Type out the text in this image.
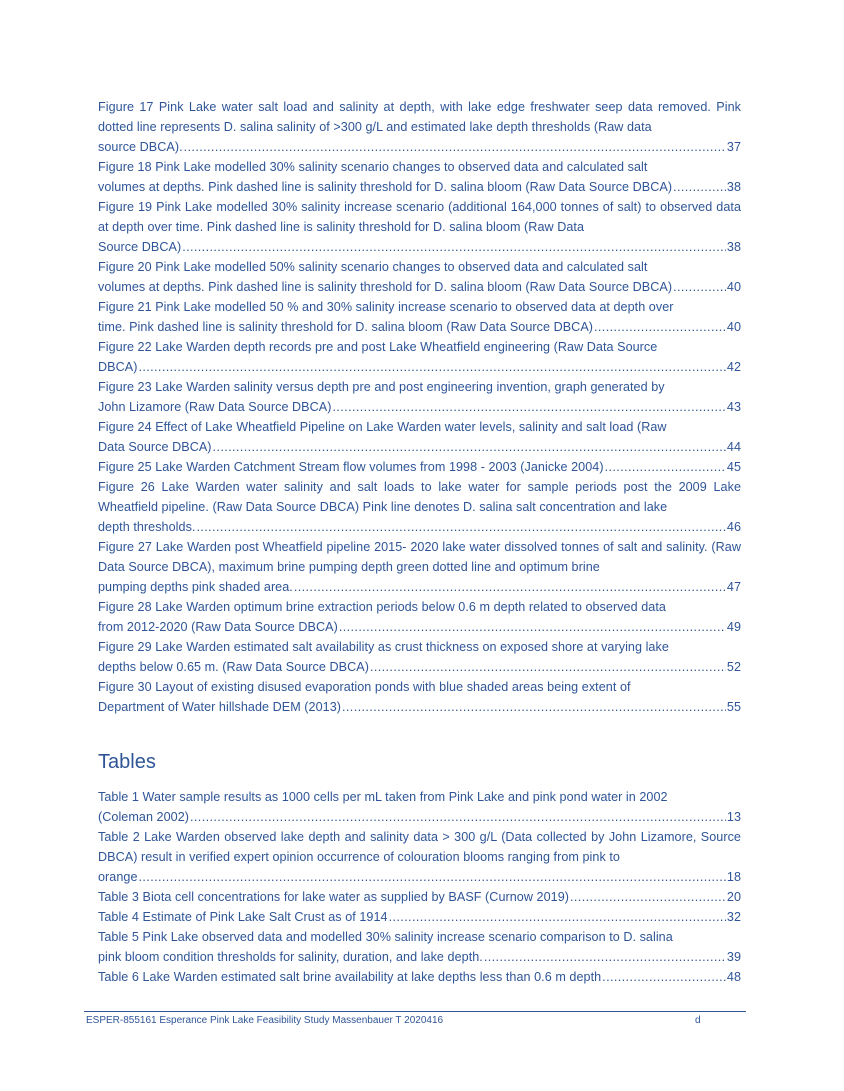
Figure 17 Pink Lake water salt load and salinity at depth, with lake edge freshwater seep data removed. Pink dotted line represents D. salina salinity of >300 g/L and estimated lake depth thresholds (Raw data
source DBCA). . . .	37
Figure 18 Pink Lake modelled 30% salinity scenario changes to observed data and calculated salt
volumes at depths. Pink dashed line is salinity threshold for D. salina bloom (Raw Data Source DBCA) . . .	38
Figure 19 Pink Lake modelled 30% salinity increase scenario (additional 164,000 tonnes of salt) to observed data at depth over time. Pink dashed line is salinity threshold for D. salina bloom (Raw Data
Source DBCA) . . .	38
Figure 20 Pink Lake modelled 50% salinity scenario changes to observed data and calculated salt
volumes at depths. Pink dashed line is salinity threshold for D. salina bloom (Raw Data Source DBCA) . . .	40
Figure 21 Pink Lake modelled 50 % and 30% salinity increase scenario to observed data at depth over
time. Pink dashed line is salinity threshold for D. salina bloom (Raw Data Source DBCA) . . .	40
Figure 22 Lake Warden depth records pre and post Lake Wheatfield engineering (Raw Data Source
DBCA) . . .	42
Figure 23 Lake Warden salinity versus depth pre and post engineering invention, graph generated by
John Lizamore (Raw Data Source DBCA) . . .	43
Figure 24 Effect of Lake Wheatfield Pipeline on Lake Warden water levels, salinity and salt load (Raw
Data Source DBCA) . . .	44
Figure 25 Lake Warden Catchment Stream flow volumes from 1998 - 2003 (Janicke 2004) . . .	45
Figure 26 Lake Warden water salinity and salt loads to lake water for sample periods post the 2009 Lake Wheatfield pipeline. (Raw Data Source DBCA) Pink line denotes D. salina salt concentration and lake
depth thresholds. . . .	46
Figure 27 Lake Warden post Wheatfield pipeline 2015- 2020 lake water dissolved tonnes of salt and salinity. (Raw Data Source DBCA), maximum brine pumping depth green dotted line and optimum brine
pumping depths pink shaded area. . . .	47
Figure 28 Lake Warden optimum brine extraction periods below 0.6 m depth related to observed data
from 2012-2020 (Raw Data Source DBCA) . . .	49
Figure 29 Lake Warden estimated salt availability as crust thickness on exposed shore at varying lake
depths below 0.65 m. (Raw Data Source DBCA) . . .	52
Figure 30 Layout of existing disused evaporation ponds with blue shaded areas being extent of
Department of Water hillshade DEM (2013) . . .	55
Tables
Table 1 Water sample results as 1000 cells per mL taken from Pink Lake and pink pond water in 2002
(Coleman 2002) . . .	13
Table 2 Lake Warden observed lake depth and salinity data > 300 g/L (Data collected by John Lizamore, Source DBCA) result in verified expert opinion occurrence of colouration blooms ranging from pink to
orange . . .	18
Table 3 Biota cell concentrations for lake water as supplied by BASF (Curnow 2019) . . .	20
Table 4 Estimate of Pink Lake Salt Crust as of 1914 . . .	32
Table 5 Pink Lake observed data and modelled 30% salinity increase scenario comparison to D. salina
pink bloom condition thresholds for salinity, duration, and lake depth. . . .	39
Table 6 Lake Warden estimated salt brine availability at lake depths less than 0.6 m depth . . .	48
ESPER-855161 Esperance Pink Lake Feasibility Study Massenbauer T 2020416	d
